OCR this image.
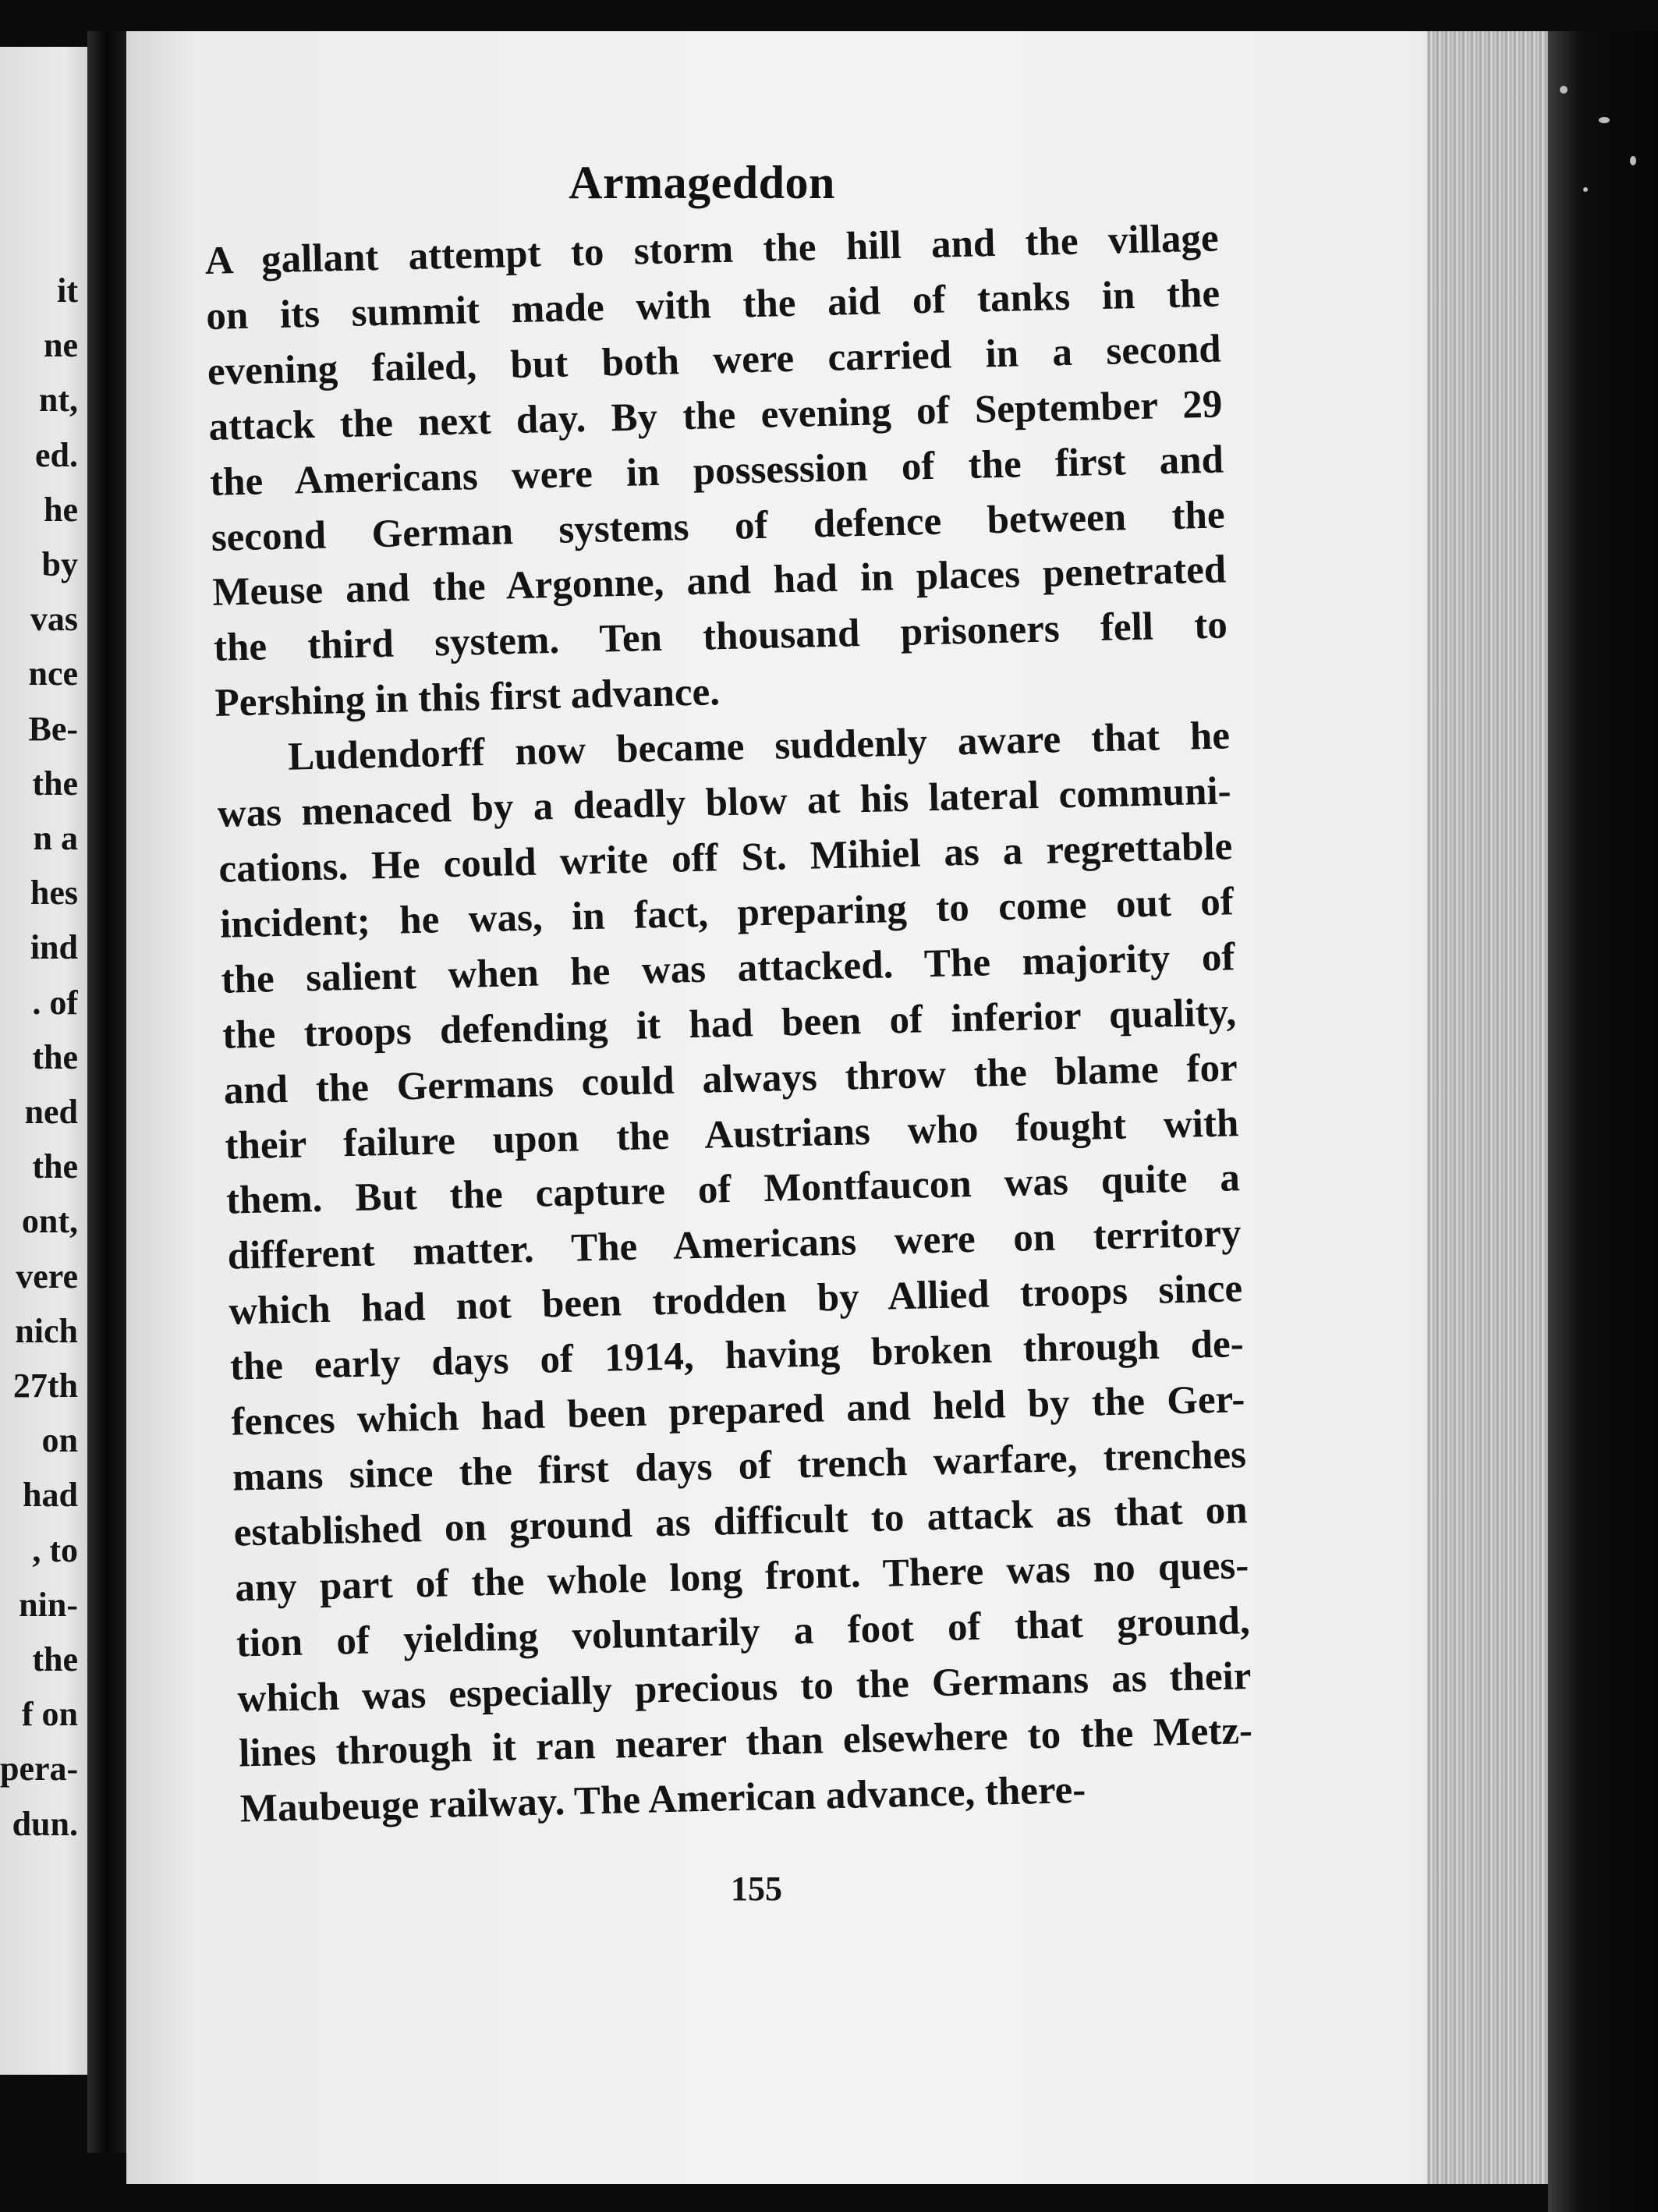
it
ne
nt,
ed.
he
by
vas
nce
Be-
the
n a
hes
ind
. of
the
ned
the
ont,
vere
nich
27th
on
had
, to
nin-
the
f on
pera-
dun.
Armageddon
A gallant attempt to storm the hill and the village
on its summit made with the aid of tanks in the
evening failed, but both were carried in a second
attack the next day. By the evening of September 29
the Americans were in possession of the first and
second German systems of defence between the
Meuse and the Argonne, and had in places penetrated
the third system. Ten thousand prisoners fell to
Pershing in this first advance.
Ludendorff now became suddenly aware that he
was menaced by a deadly blow at his lateral communi-
cations. He could write off St. Mihiel as a regrettable
incident; he was, in fact, preparing to come out of
the salient when he was attacked. The majority of
the troops defending it had been of inferior quality,
and the Germans could always throw the blame for
their failure upon the Austrians who fought with
them. But the capture of Montfaucon was quite a
different matter. The Americans were on territory
which had not been trodden by Allied troops since
the early days of 1914, having broken through de-
fences which had been prepared and held by the Ger-
mans since the first days of trench warfare, trenches
established on ground as difficult to attack as that on
any part of the whole long front. There was no ques-
tion of yielding voluntarily a foot of that ground,
which was especially precious to the Germans as their
lines through it ran nearer than elsewhere to the Metz-
Maubeuge railway. The American advance, there-
155
